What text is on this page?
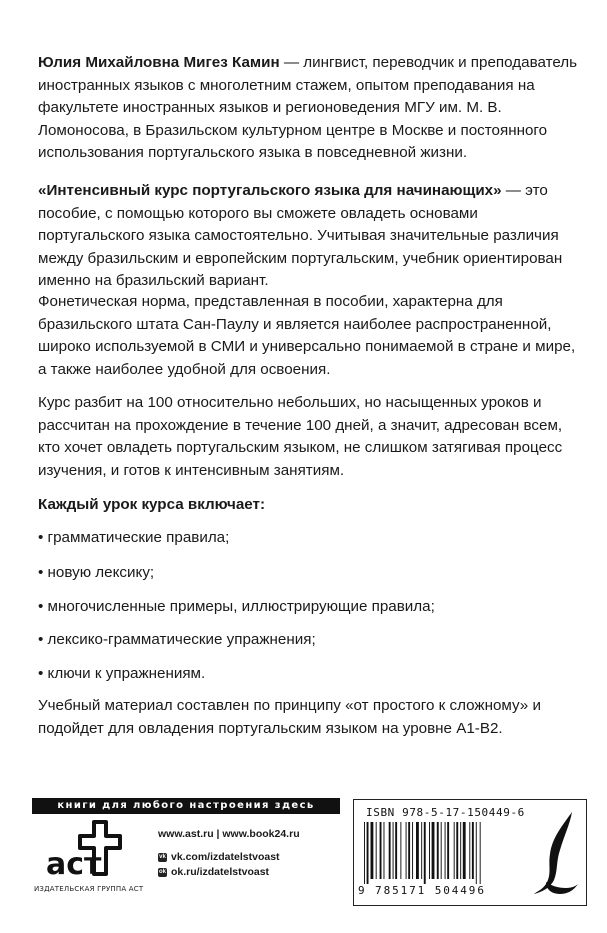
Юлия Михайловна Мигез Камин — лингвист, переводчик и преподаватель иностранных языков с многолетним стажем, опытом преподавания на факультете иностранных языков и регионоведения МГУ им. М. В. Ломоносова, в Бразильском культурном центре в Москве и постоянного использования португальского языка в повседневной жизни.

«Интенсивный курс португальского языка для начинающих» — это пособие, с помощью которого вы сможете овладеть основами португальского языка самостоятельно. Учитывая значительные различия между бразильским и европейским португальским, учебник ориентирован именно на бразильский вариант.

Фонетическая норма, представленная в пособии, характерна для бразильского штата Сан-Паулу и является наиболее распространенной, широко используемой в СМИ и универсально понимаемой в стране и мире, а также наиболее удобной для освоения.

Курс разбит на 100 относительно небольших, но насыщенных уроков и рассчитан на прохождение в течение 100 дней, а значит, адресован всем, кто хочет овладеть португальским языком, не слишком затягивая процесс изучения, и готов к интенсивным занятиям.

Каждый урок курса включает:
• грамматические правила;
• новую лексику;
• многочисленные примеры, иллюстрирующие правила;
• лексико-грамматические упражнения;
• ключи к упражнениям.

Учебный материал составлен по принципу «от простого к сложному» и подойдет для овладения португальским языком на уровне А1-В2.

книги для любого настроения здесь
аст
ИЗДАТЕЛЬСКАЯ ГРУППА АСТ
www.ast.ru | www.book24.ru
vk vk.com/izdatelstvoast
ok ok.ru/izdatelstvoast
ISBN 978-5-17-150449-6
9 785171 504496
